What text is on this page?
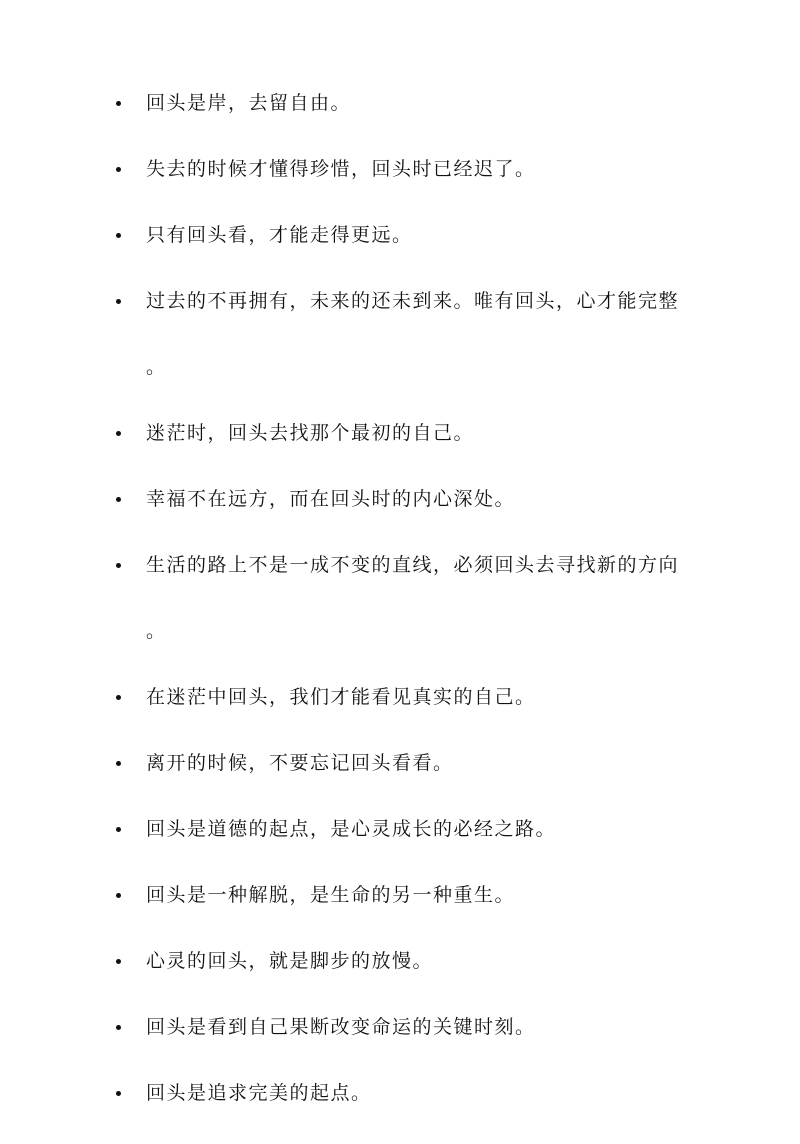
回头是岸，去留自由。
失去的时候才懂得珍惜，回头时已经迟了。
只有回头看，才能走得更远。
过去的不再拥有，未来的还未到来。唯有回头，心才能完整
。
迷茫时，回头去找那个最初的自己。
幸福不在远方，而在回头时的内心深处。
生活的路上不是一成不变的直线，必须回头去寻找新的方向
。
在迷茫中回头，我们才能看见真实的自己。
离开的时候，不要忘记回头看看。
回头是道德的起点，是心灵成长的必经之路。
回头是一种解脱，是生命的另一种重生。
心灵的回头，就是脚步的放慢。
回头是看到自己果断改变命运的关键时刻。
回头是追求完美的起点。
